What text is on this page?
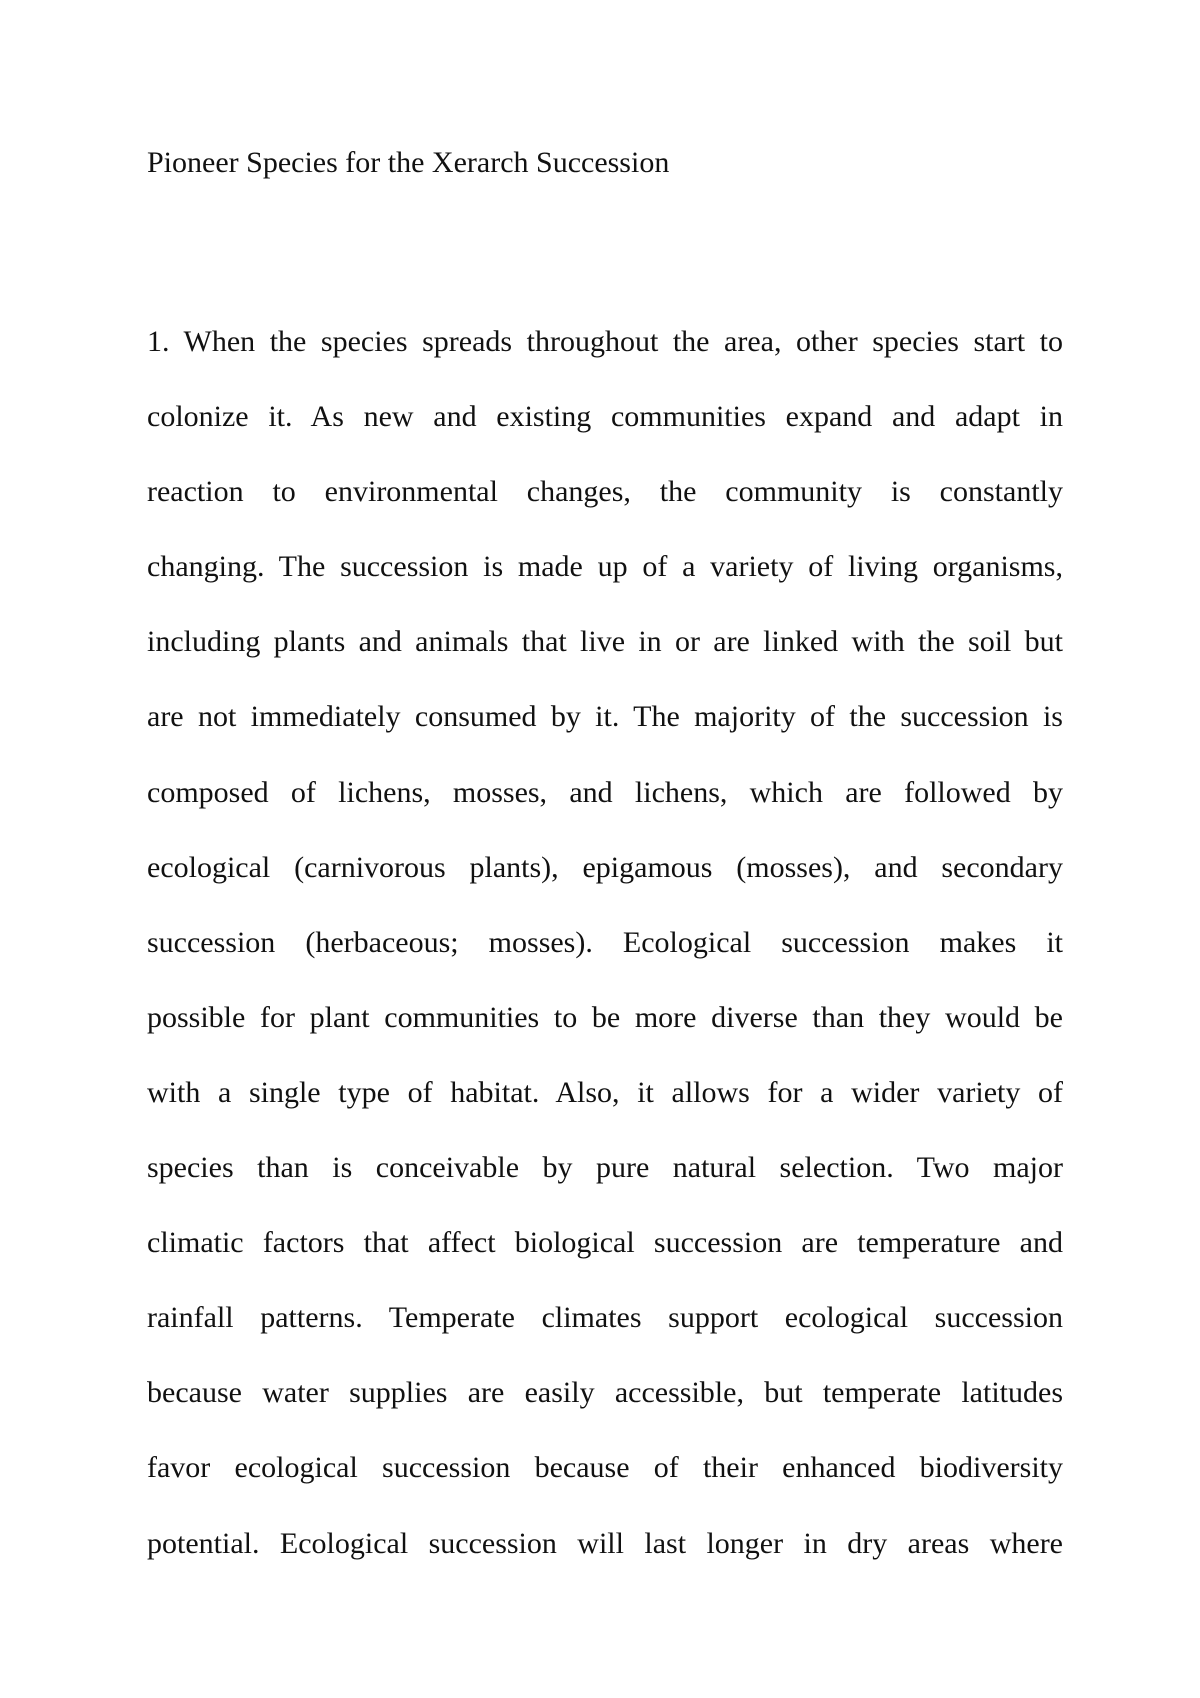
Pioneer Species for the Xerarch Succession
1. When the species spreads throughout the area, other species start to
colonize it. As new and existing communities expand and adapt in
reaction to environmental changes, the community is constantly
changing. The succession is made up of a variety of living organisms,
including plants and animals that live in or are linked with the soil but
are not immediately consumed by it. The majority of the succession is
composed of lichens, mosses, and lichens, which are followed by
ecological (carnivorous plants), epigamous (mosses), and secondary
succession (herbaceous; mosses). Ecological succession makes it
possible for plant communities to be more diverse than they would be
with a single type of habitat. Also, it allows for a wider variety of
species than is conceivable by pure natural selection. Two major
climatic factors that affect biological succession are temperature and
rainfall patterns. Temperate climates support ecological succession
because water supplies are easily accessible, but temperate latitudes
favor ecological succession because of their enhanced biodiversity
potential. Ecological succession will last longer in dry areas where
